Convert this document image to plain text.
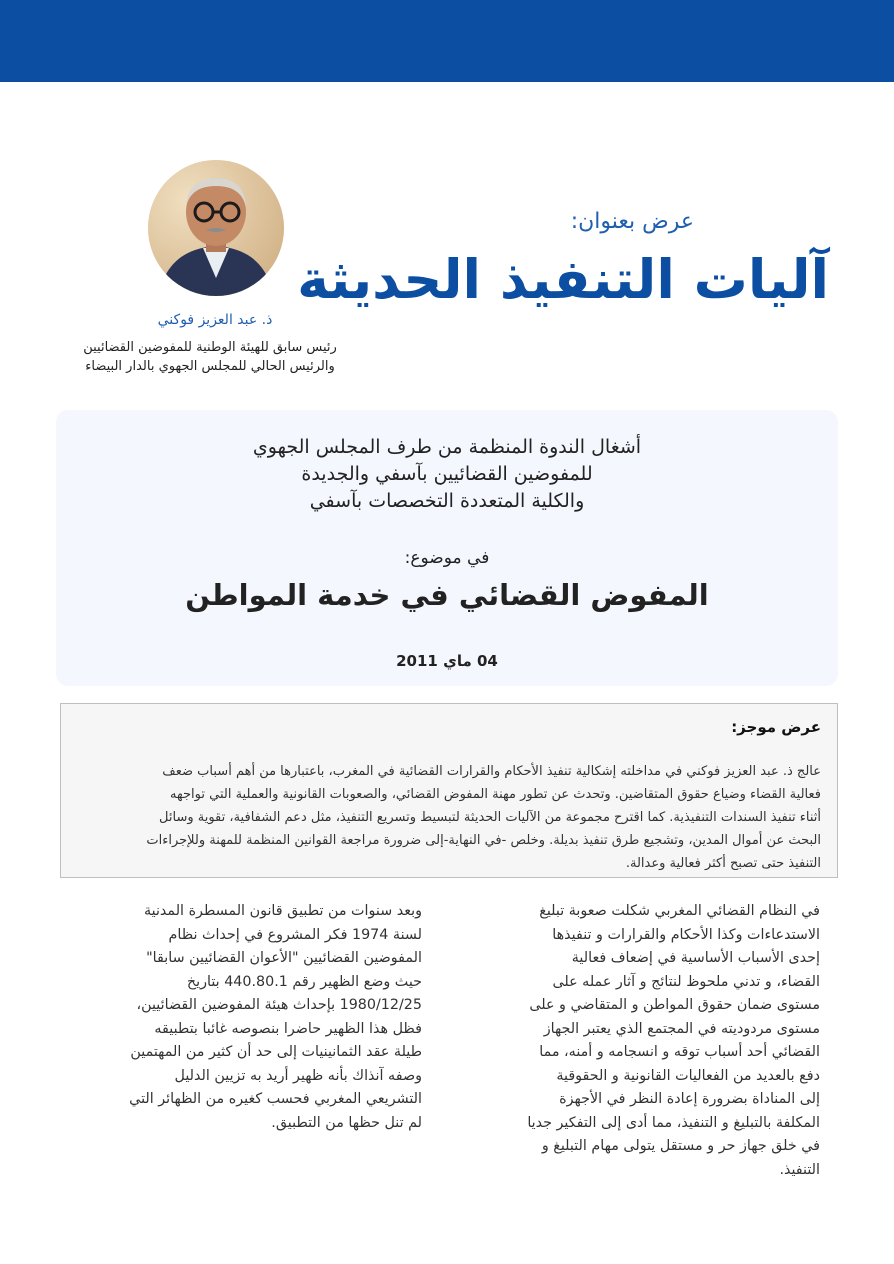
ذ. عبد العزيز فوكني
رئيس سابق للهيئة الوطنية للمفوضين القضائيين
والرئيس الحالي للمجلس الجهوي بالدار البيضاء
عرض بعنوان:
آليات التنفيذ الحديثة
أشغال الندوة المنظمة من طرف المجلس الجهوي
للمفوضين القضائيين بآسفي والجديدة
والكلية المتعددة التخصصات بآسفي
في موضوع:
المفوض القضائي في خدمة المواطن
04 ماي 2011
عرض موجز:
عالج ذ. عبد العزيز فوكني في مداخلته إشكالية تنفيذ الأحكام والقرارات القضائية في المغرب، باعتبارها من أهم أسباب ضعف
فعالية القضاء وضياع حقوق المتقاضين. وتحدث عن تطور مهنة المفوض القضائي، والصعوبات القانونية والعملية التي تواجهه
أثناء تنفيذ السندات التنفيذية. كما اقترح مجموعة من الآليات الحديثة لتبسيط وتسريع التنفيذ، مثل دعم الشفافية، تقوية وسائل
البحث عن أموال المدين، وتشجيع طرق تنفيذ بديلة. وخلص -في النهاية-إلى ضرورة مراجعة القوانين المنظمة للمهنة وللإجراءات
التنفيذ حتى تصبح أكثر فعالية وعدالة.
في النظام القضائي المغربي شكلت صعوبة تبليغ
الاستدعاءات وكذا الأحكام والقرارات و تنفيذها
إحدى الأسباب الأساسية في إضعاف فعالية
القضاء، و تدني ملحوظ لنتائج و آثار عمله على
مستوى ضمان حقوق المواطن و المتقاضي و على
مستوى مردوديته في المجتمع الذي يعتبر الجهاز
القضائي أحد أسباب توقه و انسجامه و أمنه، مما
دفع بالعديد من الفعاليات القانونية و الحقوقية
إلى المناداة بضرورة إعادة النظر في الأجهزة
المكلفة بالتبليغ و التنفيذ، مما أدى إلى التفكير جديا
في خلق جهاز حر و مستقل يتولى مهام التبليغ و
التنفيذ.
وبعد سنوات من تطبيق قانون المسطرة المدنية
لسنة 1974 فكر المشروع في إحداث نظام
المفوضين القضائيين "الأعوان القضائيين سابقا"
حيث وضع الظهير رقم 440.80.1 بتاريخ
1980/12/25 بإحداث هيئة المفوضين القضائيين،
فظل هذا الظهير حاضرا بنصوصه غائبا بتطبيقه
طيلة عقد الثمانينيات إلى حد أن كثير من المهتمين
وصفه آنذاك بأنه ظهير أريد به تزيين الدليل
التشريعي المغربي فحسب كغيره من الظهائر التي
لم تنل حظها من التطبيق.
